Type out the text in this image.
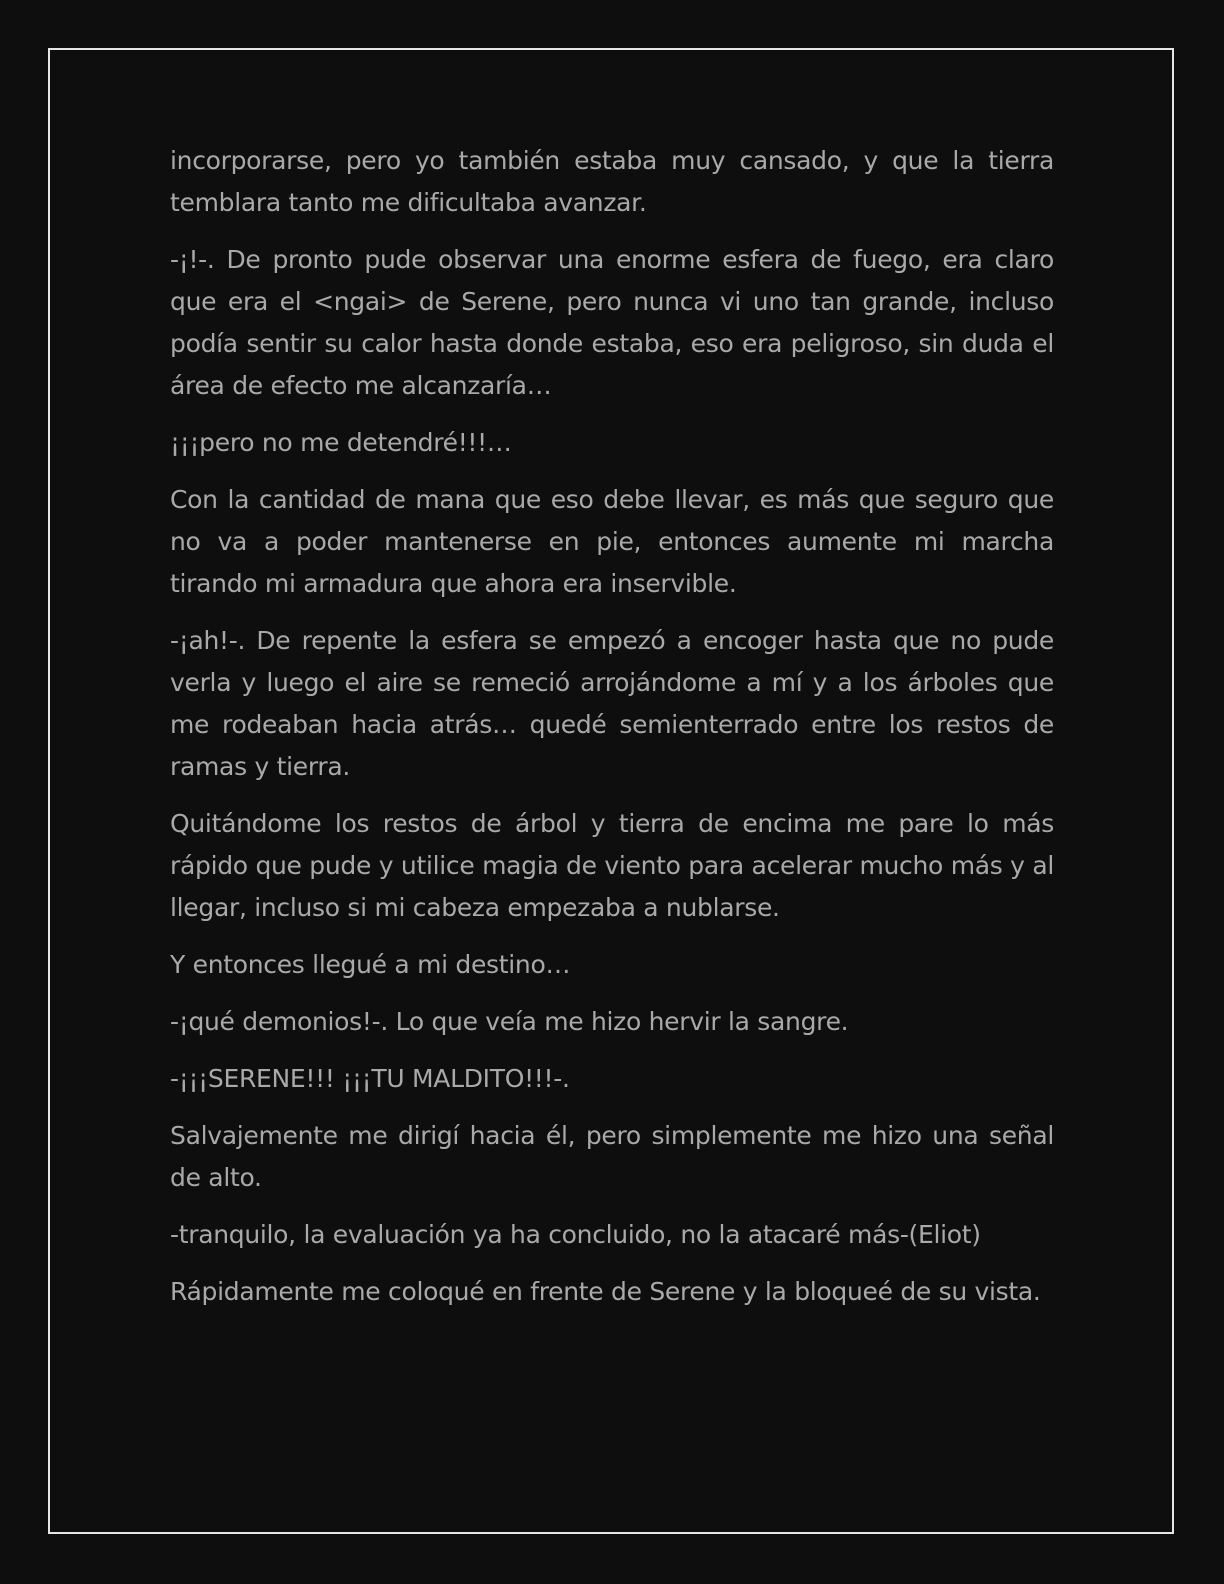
incorporarse, pero yo también estaba muy cansado, y que la tierra temblara tanto me dificultaba avanzar.

-¡!-. De pronto pude observar una enorme esfera de fuego, era claro que era el <ngai> de Serene, pero nunca vi uno tan grande, incluso podía sentir su calor hasta donde estaba, eso era peligroso, sin duda el área de efecto me alcanzaría…

¡¡¡pero no me detendré!!!…

Con la cantidad de mana que eso debe llevar, es más que seguro que no va a poder mantenerse en pie, entonces aumente mi marcha tirando mi armadura que ahora era inservible.

-¡ah!-. De repente la esfera se empezó a encoger hasta que no pude verla y luego el aire se remeció arrojándome a mí y a los árboles que me rodeaban hacia atrás… quedé semienterrado entre los restos de ramas y tierra.

Quitándome los restos de árbol y tierra de encima me pare lo más rápido que pude y utilice magia de viento para acelerar mucho más y al llegar, incluso si mi cabeza empezaba a nublarse.

Y entonces llegué a mi destino…

-¡qué demonios!-. Lo que veía me hizo hervir la sangre.

-¡¡¡SERENE!!! ¡¡¡TU MALDITO!!!-.

Salvajemente me dirigí hacia él, pero simplemente me hizo una señal de alto.

-tranquilo, la evaluación ya ha concluido, no la atacaré más-(Eliot)

Rápidamente me coloqué en frente de Serene y la bloqueé de su vista.
